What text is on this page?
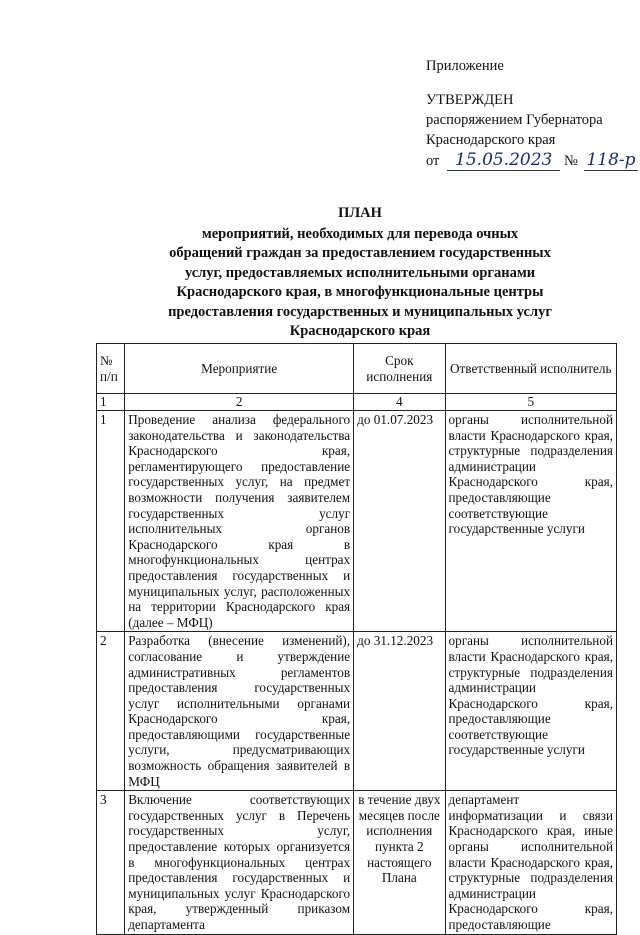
Приложение
УТВЕРЖДЕН
распоряжением Губернатора
Краснодарского края
от 15.05.2023 № 118-р
ПЛАН
мероприятий, необходимых для перевода очных
обращений граждан за предоставлением государственных
услуг, предоставляемых исполнительными органами
Краснодарского края, в многофункциональные центры
предоставления государственных и муниципальных услуг
Краснодарского края
№ п/п	Мероприятие	Срок исполнения	Ответственный исполнитель
1	2	4	5
1	Проведение анализа федерального законодательства и законодательства Краснодарского края, регламентирующего предоставление государственных услуг, на предмет возможности получения заявителем государственных услуг исполнительных органов Краснодарского края в многофункциональных центрах предоставления государственных и муниципальных услуг, расположенных на территории Краснодарского края (далее – МФЦ)	до 01.07.2023	органы исполнительной власти Краснодарского края, структурные подразделения администрации Краснодарского края, предоставляющие соответствующие государственные услуги
2	Разработка (внесение изменений), согласование и утверждение административных регламентов предоставления государственных услуг исполнительными органами Краснодарского края, предоставляющими государственные услуги, предусматривающих возможность обращения заявителей в МФЦ	до 31.12.2023	органы исполнительной власти Краснодарского края, структурные подразделения администрации Краснодарского края, предоставляющие соответствующие государственные услуги
3	Включение соответствующих государственных услуг в Перечень государственных услуг, предоставление которых организуется в многофункциональных центрах предоставления государственных и муниципальных услуг Краснодарского края, утвержденный приказом департамента	в течение двух месяцев после исполнения пункта 2 настоящего Плана	департамент информатизации и связи Краснодарского края, иные органы исполнительной власти Краснодарского края, структурные подразделения администрации Краснодарского края, предоставляющие
